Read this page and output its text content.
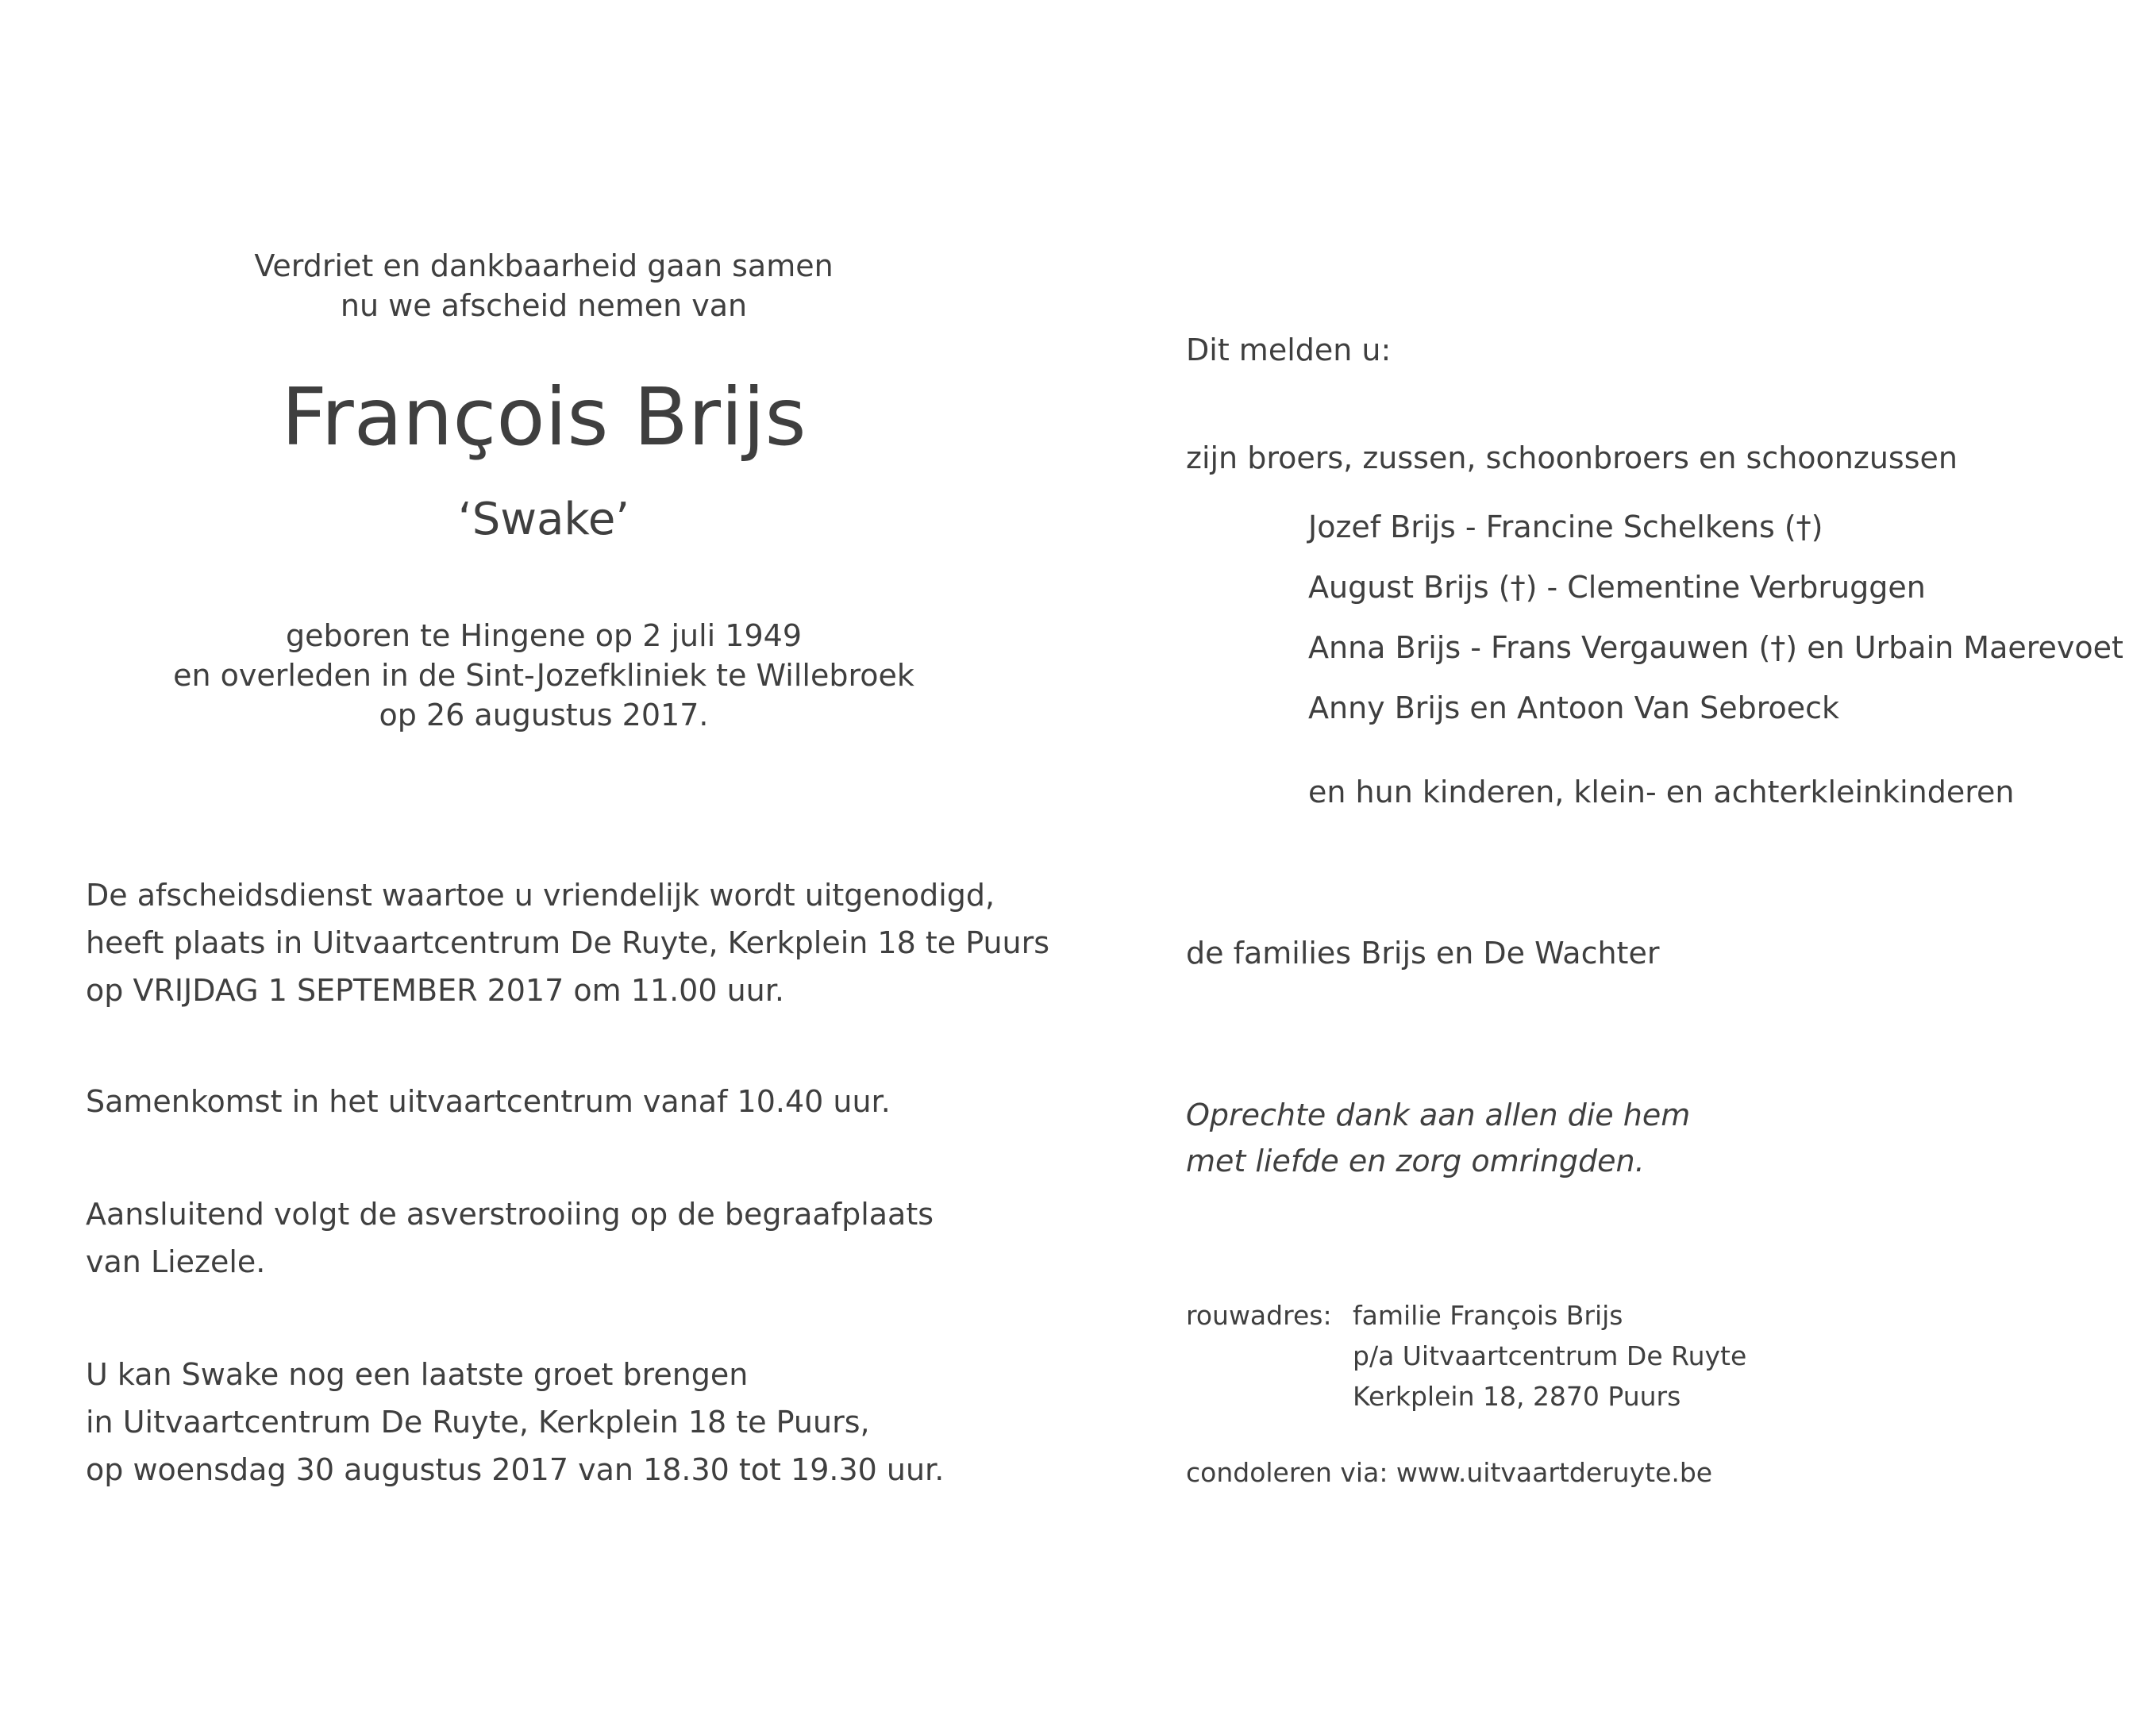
Verdriet en dankbaarheid gaan samen
nu we afscheid nemen van
François Brijs
‘Swake’
geboren te Hingene op 2 juli 1949
en overleden in de Sint-Jozefkliniek te Willebroek
op 26 augustus 2017.
De afscheidsdienst waartoe u vriendelijk wordt uitgenodigd,
heeft plaats in Uitvaartcentrum De Ruyte, Kerkplein 18 te Puurs
op VRIJDAG 1 SEPTEMBER 2017 om 11.00 uur.
Samenkomst in het uitvaartcentrum vanaf 10.40 uur.
Aansluitend volgt de asverstrooiing op de begraafplaats
van Liezele.
U kan Swake nog een laatste groet brengen
in Uitvaartcentrum De Ruyte, Kerkplein 18 te Puurs,
op woensdag 30 augustus 2017 van 18.30 tot 19.30 uur.
Dit melden u:
zijn broers, zussen, schoonbroers en schoonzussen
Jozef Brijs - Francine Schelkens (†)
August Brijs (†) - Clementine Verbruggen
Anna Brijs - Frans Vergauwen (†) en Urbain Maerevoet
Anny Brijs en Antoon Van Sebroeck
en hun kinderen, klein- en achterkleinkinderen
de families Brijs en De Wachter
Oprechte dank aan allen die hem
met liefde en zorg omringden.
rouwadres: familie François Brijs
p/a Uitvaartcentrum De Ruyte
Kerkplein 18, 2870 Puurs
condoleren via: www.uitvaartderuyte.be
